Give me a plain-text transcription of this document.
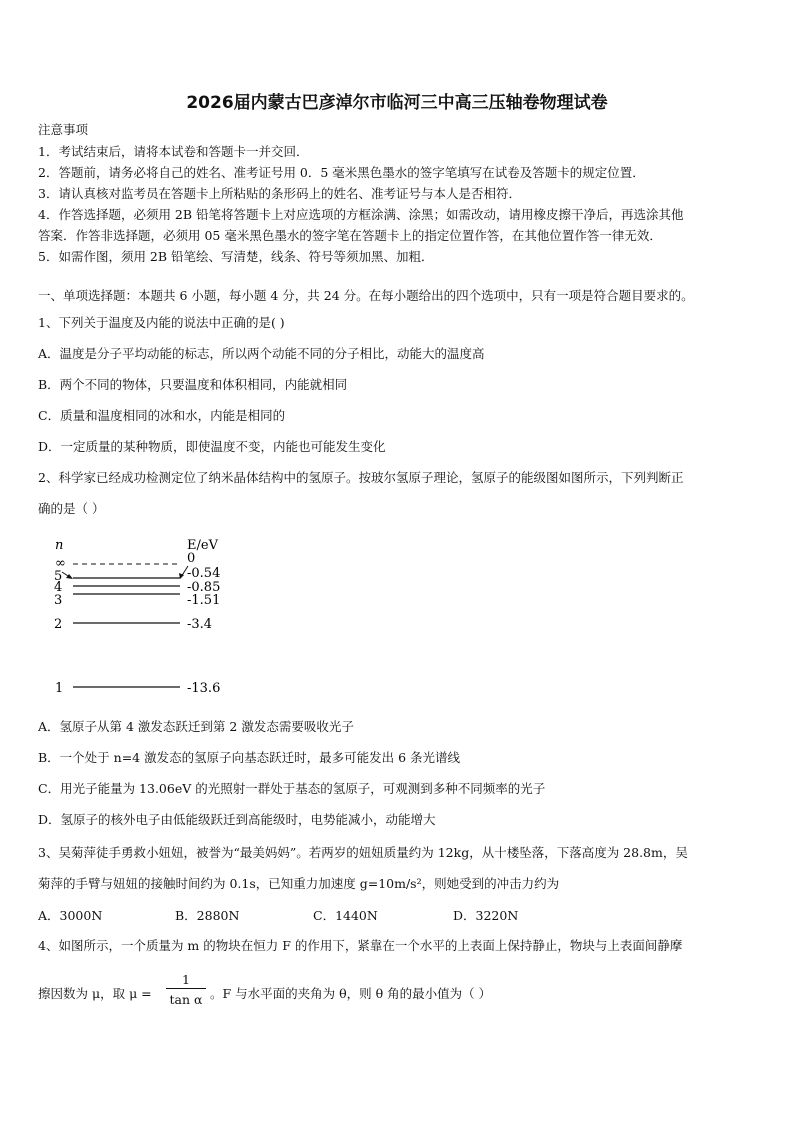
2026届内蒙古巴彦淖尔市临河三中高三压轴卷物理试卷
注意事项
1．考试结束后，请将本试卷和答题卡一并交回．
2．答题前，请务必将自己的姓名、准考证号用 0．5 毫米黑色墨水的签字笔填写在试卷及答题卡的规定位置．
3．请认真核对监考员在答题卡上所粘贴的条形码上的姓名、准考证号与本人是否相符．
4．作答选择题，必须用 2B 铅笔将答题卡上对应选项的方框涂满、涂黑；如需改动，请用橡皮擦干净后，再选涂其他
答案．作答非选择题，必须用 05 毫米黑色墨水的签字笔在答题卡上的指定位置作答，在其他位置作答一律无效．
5．如需作图，须用 2B 铅笔绘、写清楚，线条、符号等须加黑、加粗．
一、单项选择题：本题共 6 小题，每小题 4 分，共 24 分。在每小题给出的四个选项中，只有一项是符合题目要求的。
1、下列关于温度及内能的说法中正确的是( )
A．温度是分子平均动能的标志，所以两个动能不同的分子相比，动能大的温度高
B．两个不同的物体，只要温度和体积相同，内能就相同
C．质量和温度相同的冰和水，内能是相同的
D．一定质量的某种物质，即使温度不变，内能也可能发生变化
2、科学家已经成功检测定位了纳米晶体结构中的氢原子。按玻尔氢原子理论，氢原子的能级图如图所示，下列判断正
确的是（ ）
n	E/eV
∞	0
5	-0.54
4	-0.85
3	-1.51
2	-3.4
1	-13.6
A．氢原子从第 4 激发态跃迁到第 2 激发态需要吸收光子
B．一个处于 n=4 激发态的氢原子向基态跃迁时，最多可能发出 6 条光谱线
C．用光子能量为 13.06eV 的光照射一群处于基态的氢原子，可观测到多种不同频率的光子
D．氢原子的核外电子由低能级跃迁到高能级时，电势能减小，动能增大
3、吴菊萍徒手勇救小妞妞，被誉为“最美妈妈”。若两岁的妞妞质量约为 12kg，从十楼坠落，下落高度为 28.8m，吴
菊萍的手臂与妞妞的接触时间约为 0.1s，已知重力加速度 g=10m/s²，则她受到的冲击力约为
A．3000N	B．2880N	C．1440N	D．3220N
4、如图所示，一个质量为 m 的物块在恒力 F 的作用下，紧靠在一个水平的上表面上保持静止，物块与上表面间静摩
擦因数为 μ，取 μ =
1
tan α 。F 与水平面的夹角为 θ，则 θ 角的最小值为（ ）
